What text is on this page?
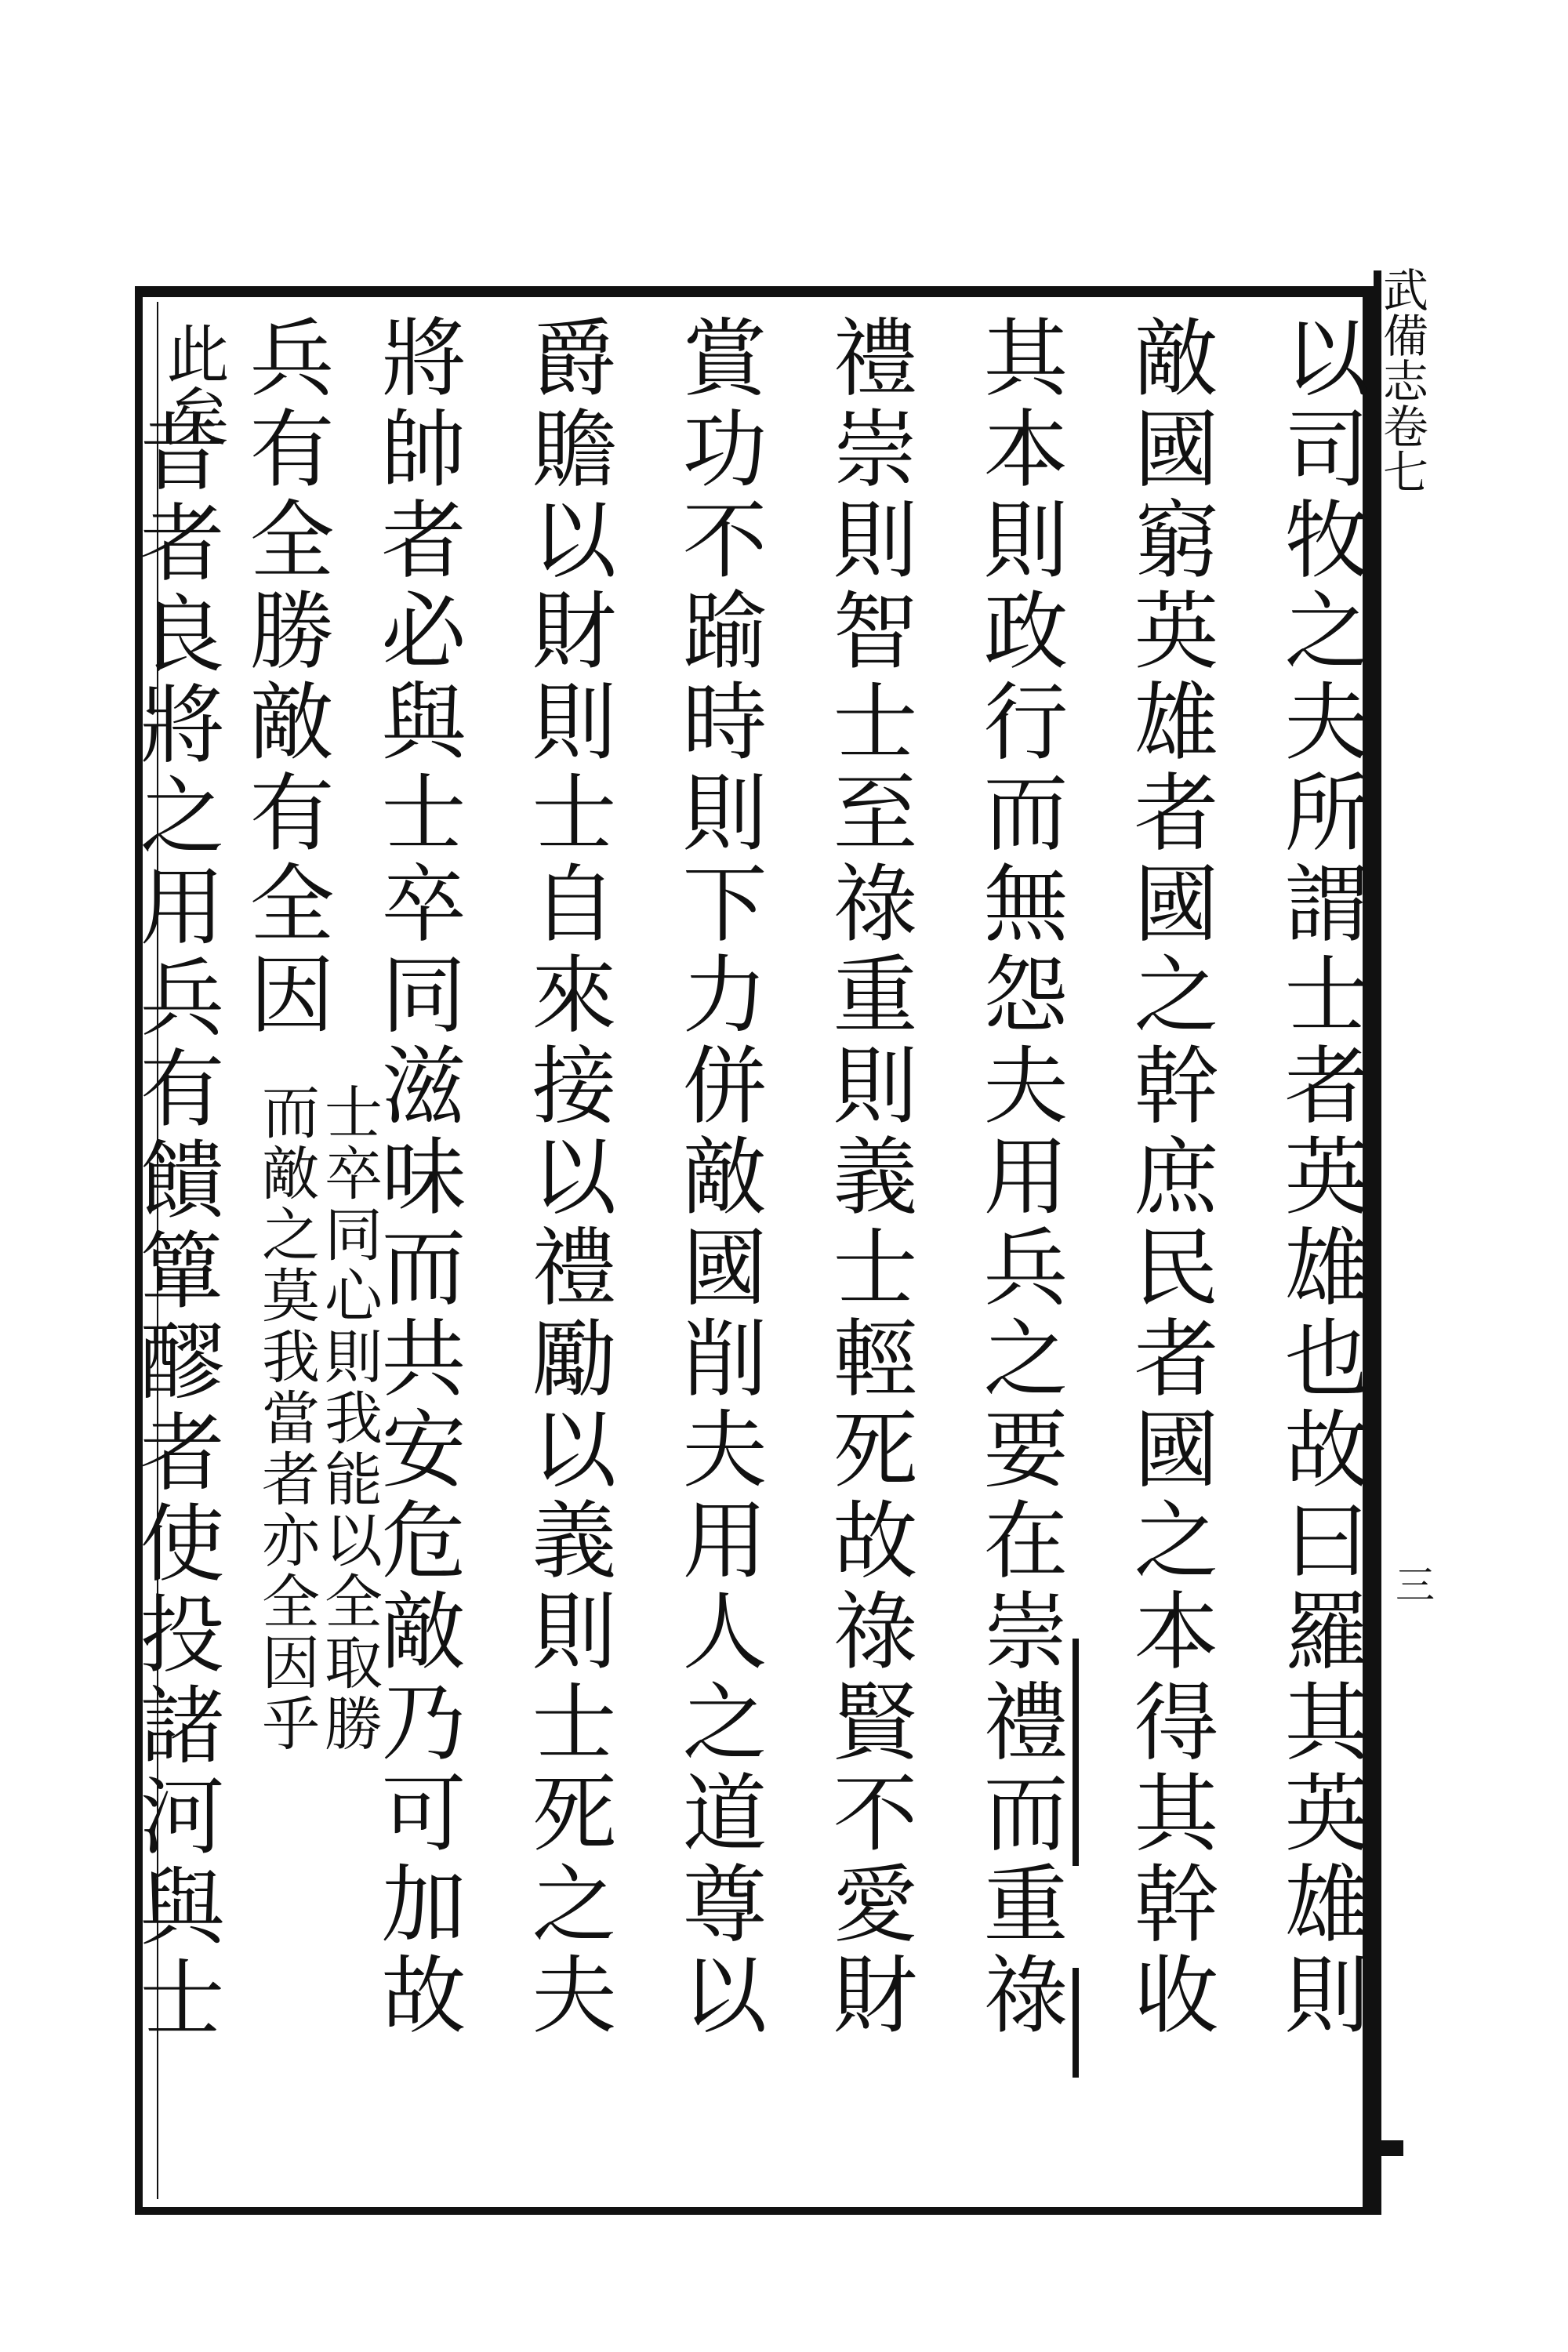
武備志卷七
三
以司牧之夫所謂士者英雄也故曰羅其英雄則
敵國窮英雄者國之幹庶民者國之本得其幹收
其本則政行而無怨夫用兵之要在崇禮而重祿
禮崇則智士至祿重則義士輕死故祿賢不愛財
賞功不踰時則下力併敵國削夫用人之道尊以
爵贍以財則士自來接以禮勵以義則士死之夫
將帥者必與士卒同滋味而共安危敵乃可加故
兵有全勝敵有全因
士卒同心則我能以全取勝
而敵之莫我當者亦全因乎
此矣
昔者良將之用兵有饋簞醪者使投諸河與士
